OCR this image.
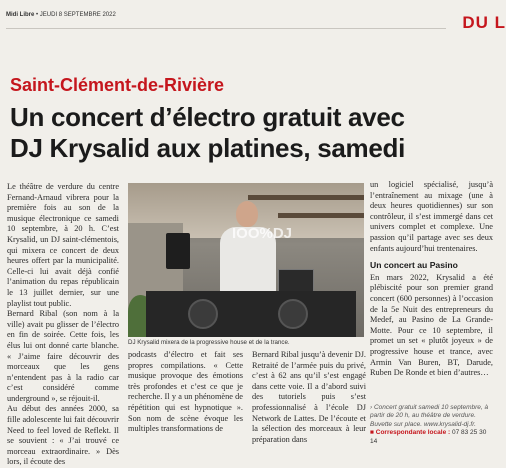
Midi Libre • JEUDI 8 SEPTEMBRE 2022	DU L
Saint-Clément-de-Rivière
Un concert d’électro gratuit avec
DJ Krysalid aux platines, samedi

Le théâtre de verdure du centre Fernand-Arnaud vibrera pour la première fois au son de la musique électronique ce samedi 10 septembre, à 20 h. C’est Krysalid, un DJ saint-clémentois, qui mixera ce concert de deux heures offert par la municipalité. Celle-ci lui avait déjà confié l’animation du repas républicain le 13 juillet dernier, sur une playlist tout public.

Bernard Ribal (son nom à la ville) avait pu glisser de l’électro en fin de soirée. Cette fois, les élus lui ont donné carte blanche. « J’aime faire découvrir des morceaux que les gens n’entendent pas à la radio car c’est considéré comme underground », se réjouit-il.

Au début des années 2000, sa fille adolescente lui fait découvrir Need to feel loved de Reflekt. Il se souvient : « J’ai trouvé ce morceau extraordinaire. » Dès lors, il écoute des

IOO%DJ
DJ Krysalid mixera de la progressive house et de la trance.

podcasts d’électro et fait ses propres compilations. « Cette musique provoque des émotions très profondes et c’est ce que je recherche. Il y a un phénomène de répétition qui est hypnotique ». Son nom de scène évoque les multiples transformations de

Bernard Ribal jusqu’à devenir DJ. Retraité de l’armée puis du privé, c’est à 62 ans qu’il s’est engagé dans cette voie. Il a d’abord suivi des tutoriels puis s’est professionnalisé à l’école DJ Network de Lattes. De l’écoute et la sélection des morceaux à leur préparation dans

un logiciel spécialisé, jusqu’à l’entraînement au mixage (une à deux heures quotidiennes) sur son contrôleur, il s’est immergé dans cet univers complet et complexe. Une passion qu’il partage avec ses deux enfants aujourd’hui trentenaires.

Un concert au Pasino

En mars 2022, Krysalid a été plébiscité pour son premier grand concert (600 personnes) à l’occasion de la 5e Nuit des entrepreneurs du Medef, au Pasino de La Grande-Motte. Pour ce 10 septembre, il promet un set « plutôt joyeux » de progressive house et trance, avec Armin Van Buren, BT, Darude, Ruben De Ronde et bien d’autres…

› Concert gratuit samedi 10 septembre, à partir de 20 h, au théâtre de verdure. Buvette sur place. www.krysalid-dj.fr.
■ Correspondante locale : 07 83 25 30 14
